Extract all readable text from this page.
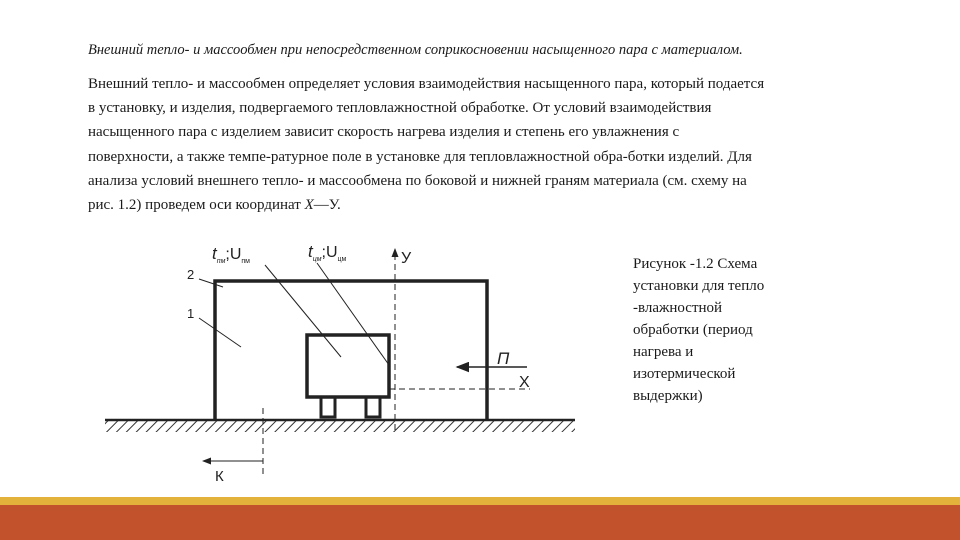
Внешний тепло- и массообмен при непосредственном соприкосновении насыщенного пара с материалом.

Внешний тепло- и массообмен определяет условия взаимодействия насыщенного пара, который подается

в установку, и изделия, подвергаемого тепловлажностной обработке. От условий взаимодействия

насыщенного пара с изделием зависит скорость нагрева изделия и степень его увлажнения с

поверхности, а также темпе-ратурное поле в установке для тепловлажностной обра-ботки изделий. Для

анализа условий внешнего тепло- и массообмена по боковой и нижней граням материала (см. схему на

рис. 1.2) проведем оси координат X—У.

1
2
$t_{пм};U_{пм}$
$t_{цм};U_{цм}$	У
Х
П
К
Рисунок -1.2 Схема
установки для тепло
-влажностной
обработки (период
нагрева и
изотермической
выдержки)
